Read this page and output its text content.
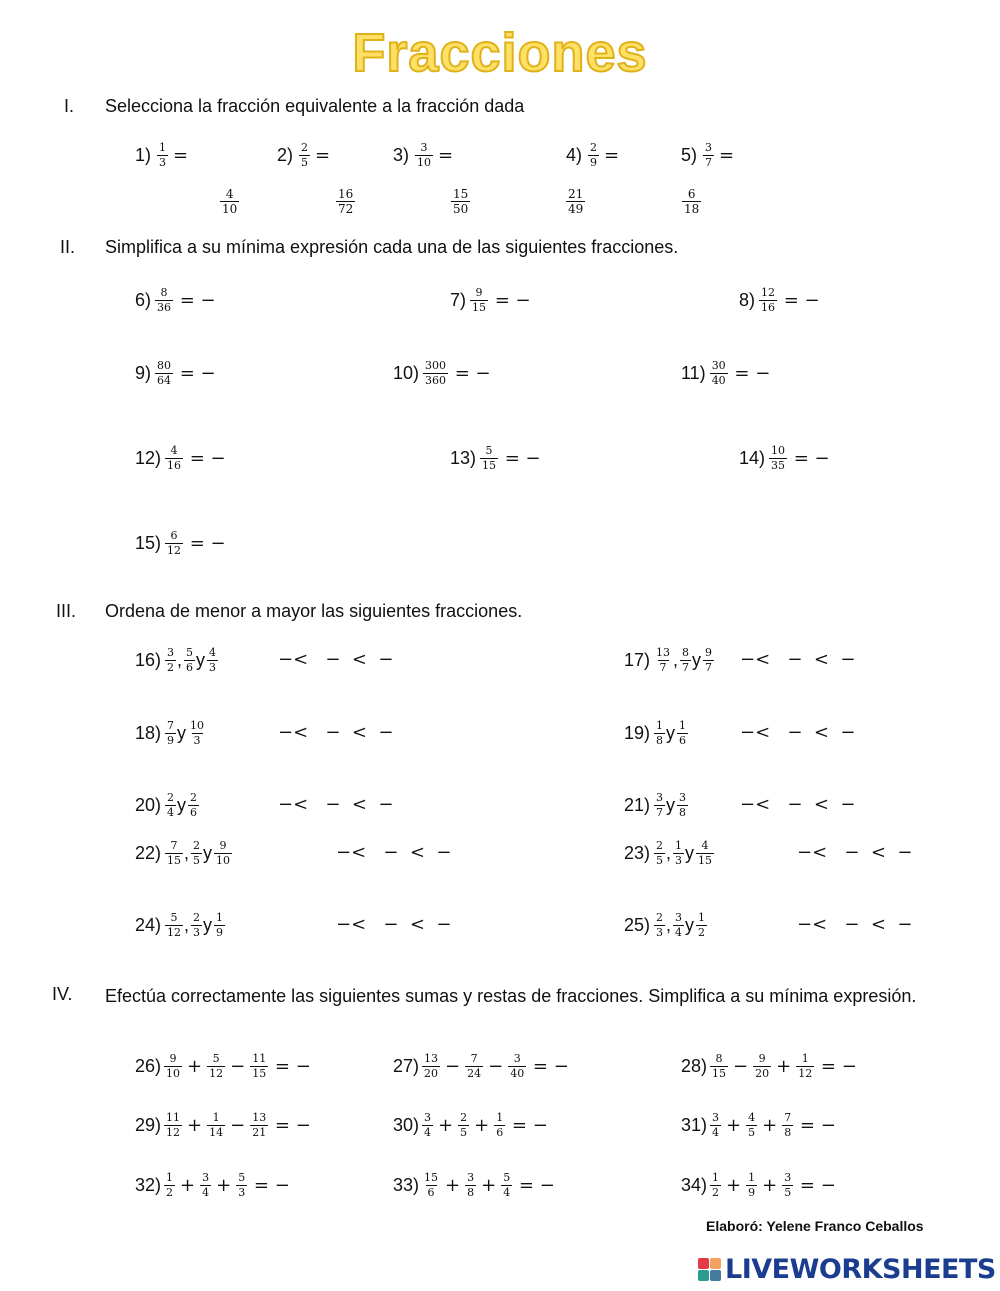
Fracciones
I. Selecciona la fracción equivalente a la fracción dada
II. Simplifica a su mínima expresión cada una de las siguientes fracciones.
III. Ordena de menor a mayor las siguientes fracciones.
IV. Efectúa correctamente las siguientes sumas y restas de fracciones. Simplifica a su mínima expresión.
$1) \frac{1}{3}$ =	$2) \frac{2}{5}$ =	$3) \frac{3}{10}$ =	$4) \frac{2}{9}$ =	$5) \frac{3}{7}$ =
$\frac{4}{10}$	$\frac{16}{72}$	$\frac{15}{50}$	$\frac{21}{49}$	$\frac{6}{18}$
$6) \frac{8}{36}$ = −	$7) \frac{9}{15}$ = −	$8) \frac{12}{16}$ = −
$9) \frac{80}{64}$ = −	$10) \frac{300}{360}$ = −	$11) \frac{30}{40}$ = −
$12) \frac{4}{16}$ = −	$13) \frac{5}{15}$ = −	$14) \frac{10}{35}$ = −
$15) \frac{6}{12}$ = −
$16) \frac{3}{2}$ , $\frac{5}{6}$ y $\frac{4}{3}$	−<   −  <  −	$17) \frac{13}{7}$ , $\frac{8}{7}$ y $\frac{9}{7}$ −<   −  <  −
$18) \frac{7}{9}$ y $\frac{10}{3}$	−<   −  <  −	$19) \frac{1}{8}$ y $\frac{1}{6}$	−<   −  <  −
$20) \frac{2}{4}$ y $\frac{2}{6}$	−<   −  <  −	$21) \frac{3}{7}$ y $\frac{3}{8}$	−<   −  <  −
$22) \frac{7}{15}$ , $\frac{2}{5}$ y $\frac{9}{10}$	−<   −  <  −	$23) \frac{2}{5}$ , $\frac{1}{3}$ y $\frac{4}{15}$	−<   −  <  −
$24) \frac{5}{12}$ , $\frac{2}{3}$ y $\frac{1}{9}$	−<   −  <  −	$25) \frac{2}{3}$ , $\frac{3}{4}$ y $\frac{1}{2}$	−<   −  <  −
$26) \frac{9}{10} + \frac{5}{12} - \frac{11}{15}$ = −	$27) \frac{13}{20} - \frac{7}{24} - \frac{3}{40}$ = −	$28) \frac{8}{15} - \frac{9}{20} + \frac{1}{12}$ = −
$29) \frac{11}{12} + \frac{1}{14} - \frac{13}{21}$ = −	$30) \frac{3}{4} + \frac{2}{5} + \frac{1}{6}$ = −	$31) \frac{3}{4} + \frac{4}{5} + \frac{7}{8}$ = −
$32) \frac{1}{2} + \frac{3}{4} + \frac{5}{3}$ = −	$33) \frac{15}{6} + \frac{3}{8} + \frac{5}{4}$ = −	$34) \frac{1}{2} + \frac{1}{9} + \frac{3}{5}$ = −
Elaboró: Yelene Franco Ceballos
LIVEWORKSHEETS
